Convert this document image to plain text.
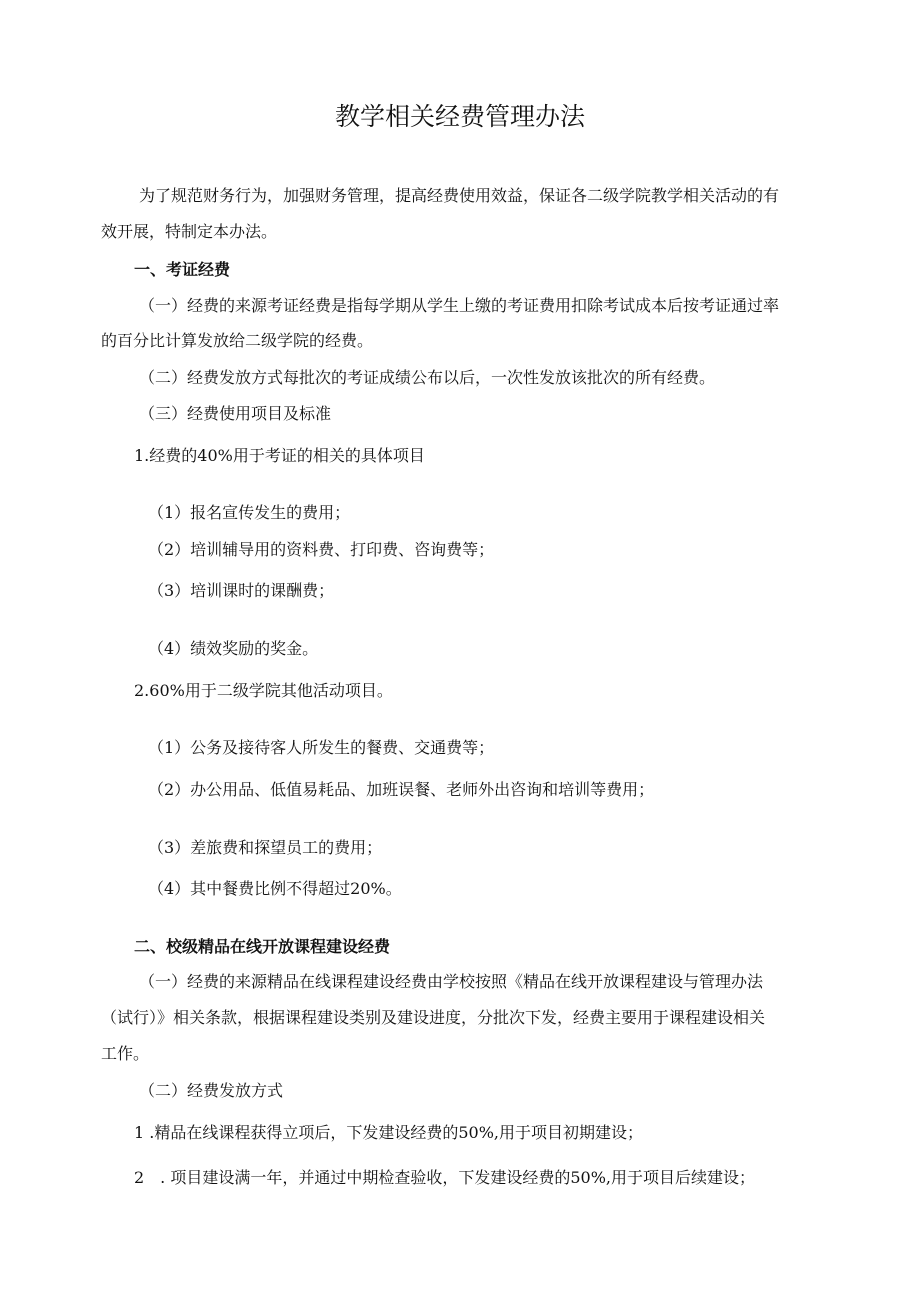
教学相关经费管理办法
为了规范财务行为，加强财务管理，提高经费使用效益，保证各二级学院教学相关活动的有
效开展，特制定本办法。
一、考证经费
（一）经费的来源考证经费是指每学期从学生上缴的考证费用扣除考试成本后按考证通过率
的百分比计算发放给二级学院的经费。
（二）经费发放方式每批次的考证成绩公布以后，一次性发放该批次的所有经费。
（三）经费使用项目及标准
1.经费的40%用于考证的相关的具体项目
（1）报名宣传发生的费用；
（2）培训辅导用的资料费、打印费、咨询费等；
（3）培训课时的课酬费；
（4）绩效奖励的奖金。
2.60%用于二级学院其他活动项目。
（1）公务及接待客人所发生的餐费、交通费等；
（2）办公用品、低值易耗品、加班误餐、老师外出咨询和培训等费用；
（3）差旅费和探望员工的费用；
（4）其中餐费比例不得超过20%。
二、校级精品在线开放课程建设经费
（一）经费的来源精品在线课程建设经费由学校按照《精品在线开放课程建设与管理办法
（试行）》相关条款，根据课程建设类别及建设进度，分批次下发，经费主要用于课程建设相关
工作。
（二）经费发放方式
1 .精品在线课程获得立项后，下发建设经费的50%,用于项目初期建设；
2　. 项目建设满一年，并通过中期检查验收，下发建设经费的50%,用于项目后续建设；
